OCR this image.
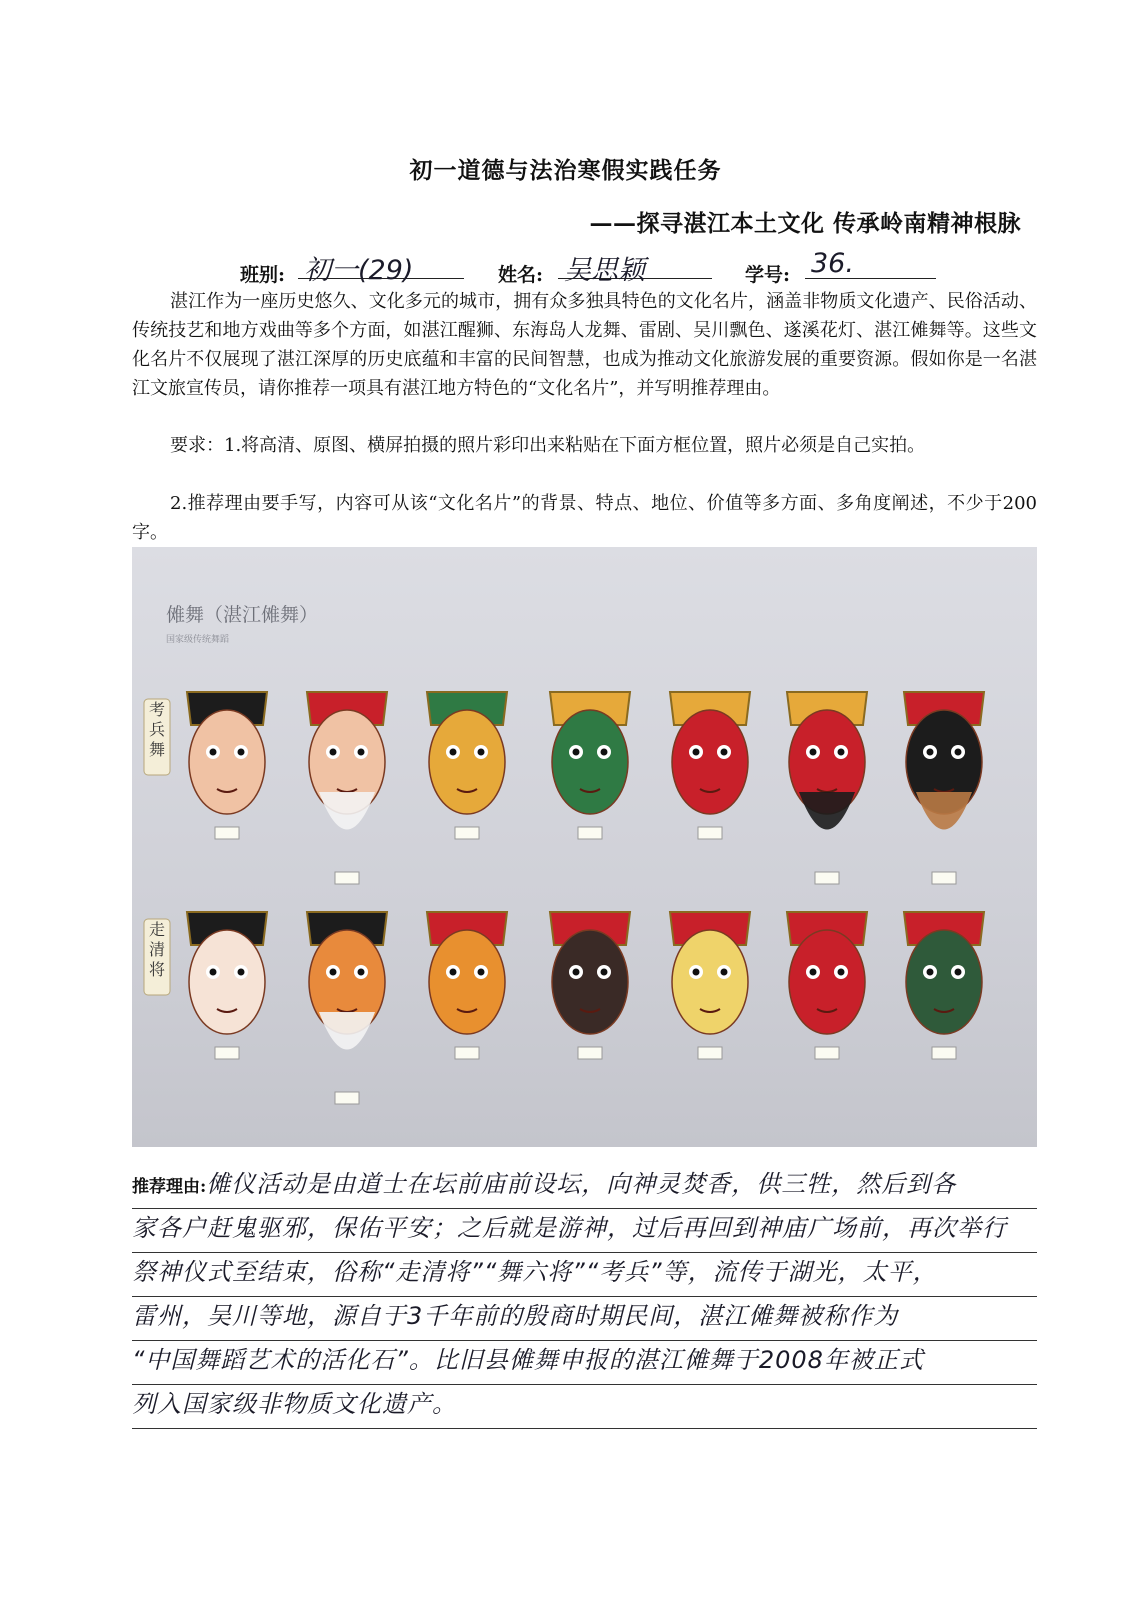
初一道德与法治寒假实践任务
——探寻湛江本土文化 传承岭南精神根脉
班别: 初一(29)	姓名: 吴思颖	学号: 36.
湛江作为一座历史悠久、文化多元的城市，拥有众多独具特色的文化名片，涵盖非物质文化遗产、民俗活动、传统技艺和地方戏曲等多个方面，如湛江醒狮、东海岛人龙舞、雷剧、吴川飘色、遂溪花灯、湛江傩舞等。这些文化名片不仅展现了湛江深厚的历史底蕴和丰富的民间智慧，也成为推动文化旅游发展的重要资源。假如你是一名湛江文旅宣传员，请你推荐一项具有湛江地方特色的“文化名片”，并写明推荐理由。
要求：1.将高清、原图、横屏拍摄的照片彩印出来粘贴在下面方框位置，照片必须是自己实拍。
2.推荐理由要手写，内容可从该“文化名片”的背景、特点、地位、价值等多方面、多角度阐述，不少于200字。
傩舞（湛江傩舞）
国家级传统舞蹈
考兵舞
走清将
推荐理由:傩仪活动是由道士在坛前庙前设坛，向神灵焚香，供三牲，然后到各
家各户赶鬼驱邪，保佑平安；之后就是游神，过后再回到神庙广场前，再次举行
祭神仪式至结束，俗称“走清将”“舞六将”“考兵”等，流传于湖光，太平，
雷州，吴川等地，源自于3千年前的殷商时期民间，湛江傩舞被称作为
“中国舞蹈艺术的活化石”。比旧县傩舞申报的湛江傩舞于2008年被正式
列入国家级非物质文化遗产。
